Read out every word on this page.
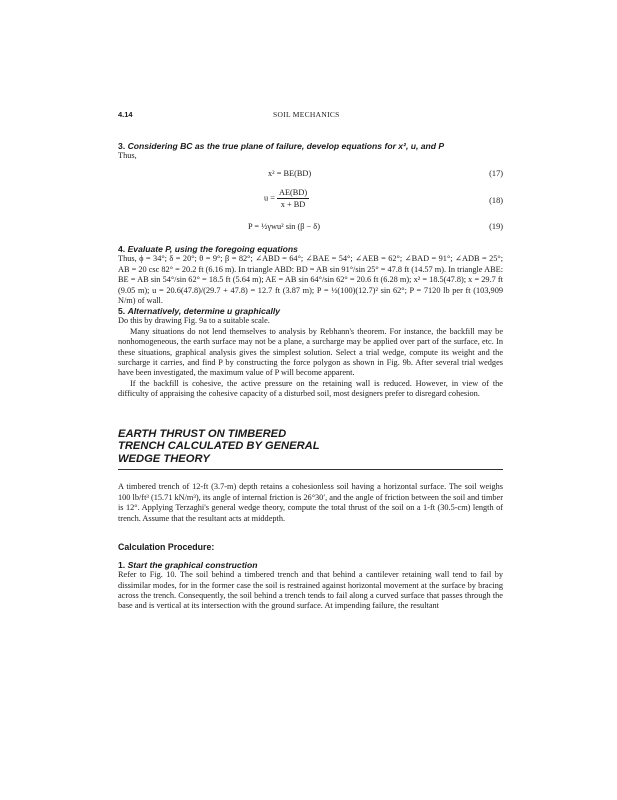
4.14	SOIL MECHANICS
3. Considering BC as the true plane of failure, develop equations for x², u, and P

Thus,

x² = BE(BD)	(17)
$u = \frac{AE(BD)}{x + BD}$	(18)
P = ½γwu² sin (β − δ)	(19)
4. Evaluate P, using the foregoing equations

Thus, ϕ = 34°; δ = 20°; θ = 9°; β = 82°; ∠ABD = 64°; ∠BAE = 54°; ∠AEB = 62°; ∠BAD = 91°; ∠ADB = 25°; AB = 20 csc 82° = 20.2 ft (6.16 m). In triangle ABD: BD = AB sin 91°/sin 25° = 47.8 ft (14.57 m). In triangle ABE: BE = AB sin 54°/sin 62° = 18.5 ft (5.64 m); AE = AB sin 64°/sin 62° = 20.6 ft (6.28 m); x² = 18.5(47.8); x = 29.7 ft (9.05 m); u = 20.6(47.8)/(29.7 + 47.8) = 12.7 ft (3.87 m); P = ½(100)(12.7)² sin 62°; P = 7120 lb per ft (103,909 N/m) of wall.

5. Alternatively, determine u graphically

Do this by drawing Fig. 9a to a suitable scale.

Many situations do not lend themselves to analysis by Rebhann's theorem. For instance, the backfill may be nonhomogeneous, the earth surface may not be a plane, a surcharge may be applied over part of the surface, etc. In these situations, graphical analysis gives the simplest solution. Select a trial wedge, compute its weight and the surcharge it carries, and find P by constructing the force polygon as shown in Fig. 9b. After several trial wedges have been investigated, the maximum value of P will become apparent.

If the backfill is cohesive, the active pressure on the retaining wall is reduced. However, in view of the difficulty of appraising the cohesive capacity of a disturbed soil, most designers prefer to disregard cohesion.

EARTH THRUST ON TIMBERED
TRENCH CALCULATED BY GENERAL
WEDGE THEORY

A timbered trench of 12-ft (3.7-m) depth retains a cohesionless soil having a horizontal surface. The soil weighs 100 lb/ft³ (15.71 kN/m³), its angle of internal friction is 26°30′, and the angle of friction between the soil and timber is 12°. Applying Terzaghi's general wedge theory, compute the total thrust of the soil on a 1-ft (30.5-cm) length of trench. Assume that the resultant acts at middepth.

Calculation Procedure:
1. Start the graphical construction

Refer to Fig. 10. The soil behind a timbered trench and that behind a cantilever retaining wall tend to fail by dissimilar modes, for in the former case the soil is restrained against horizontal movement at the surface by bracing across the trench. Consequently, the soil behind a trench tends to fail along a curved surface that passes through the base and is vertical at its intersection with the ground surface. At impending failure, the resultant
